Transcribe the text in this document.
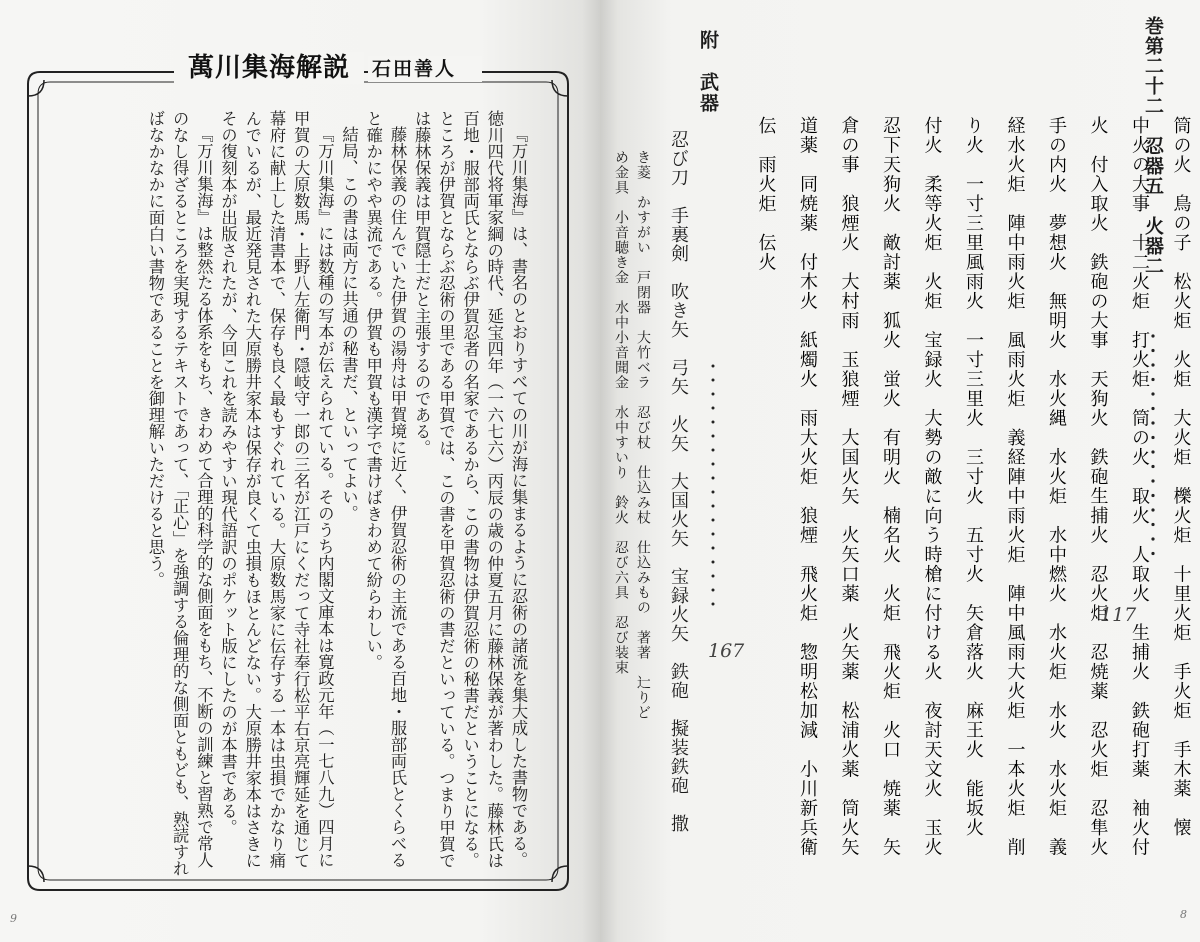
萬川集海解説	石田善人

『万川集海』は、書名のとおりすべての川が海に集まるように忍術の諸流を集大成した書物である。徳川四代将軍家綱の時代、延宝四年（一六七六）丙辰の歳の仲夏五月に藤林保義が著わした。藤林氏は百地・服部両氏とならぶ伊賀忍者の名家であるから、この書物は伊賀忍術の秘書だということになる。ところが伊賀とならぶ忍術の里である甲賀では、この書を甲賀忍術の書だといっている。つまり甲賀では藤林保義は甲賀隠士だと主張するのである。

藤林保義の住んでいた伊賀の湯舟は甲賀境に近く、伊賀忍術の主流である百地・服部両氏とくらべると確かにやや異流である。伊賀も甲賀も漢字で書けばきわめて紛らわしい。

結局、この書は両方に共通の秘書だ、といってよい。

『万川集海』には数種の写本が伝えられている。そのうち内閣文庫本は寛政元年（一七八九）四月に甲賀の大原数馬・上野八左衛門・隠岐守一郎の三名が江戸にくだって寺社奉行松平右京亮輝延を通じて幕府に献上した清書本で、保存も良く最もすぐれている。大原数馬家に伝存する一本は虫損でかなり痛んでいるが、最近発見された大原勝井家本は保存が良くて虫損もほとんどない。大原勝井家本はさきにその復刻本が出版されたが、今回これを読みやすい現代語訳のポケット版にしたのが本書である。

『万川集海』は整然たる体系をもち、きわめて合理的科学的な側面をもち、不断の訓練と習熟で常人のなし得ざるところを実現するテキストであって、「正心」を強調する倫理的な側面ともども、熟読すればなかなかに面白い書物であることを御理解いただけると思う。

9
巻第二十二　忍器五　火器二 筒の火　鳥の子　松火炬　火炬　大火炬　櫟火炬　十里火炬　手火炬　手木薬　懐
中火の大事　十二火炬　打火炬　筒の火　取火　人取火　生捕火　鉄砲打薬　袖火付
火　付入取火　鉄砲の大事　天狗火　鉄砲生捕火　忍火炬　忍焼薬　忍火炬　忍隼火
手の内火　夢想火　無明火　水火縄　水火炬　水中燃火　水火炬　水火　水火炬　義
経水火炬　陣中雨火炬　風雨火炬　義経陣中雨火炬　陣中風雨大火炬　一本火炬　削
り火　一寸三里風雨火　一寸三里火　三寸火　五寸火　矢倉落火　麻王火　能坂火
付火　柔等火炬　火炬　宝録火　大勢の敵に向う時槍に付ける火　夜討天文火　玉火
忍下天狗火　敵討薬　狐火　蛍火　有明火　楠名火　火炬　飛火炬　火口　焼薬　矢
倉の事　狼煙火　大村雨　玉狼煙　大国火矢　火矢口薬　火矢薬　松浦火薬　筒火矢
道薬　同焼薬　付木火　紙燭火　雨大火炬　狼煙　飛火炬　惣明松加減　小川新兵衛
伝　雨火炬　伝火
附　武器
忍び刀　手裏剣　吹き矢　弓矢　火矢　大国火矢　宝録火矢　鉄砲　擬装鉄砲　撒
き菱　かすがい　戸閉器　大竹ベラ　忍び杖　仕込み杖　仕込みもの　著著　辷りど
め金具　小音聴き金　水中小音聞金　水中すいり　鈴火　忍び六具　忍び装束	117
167
8
